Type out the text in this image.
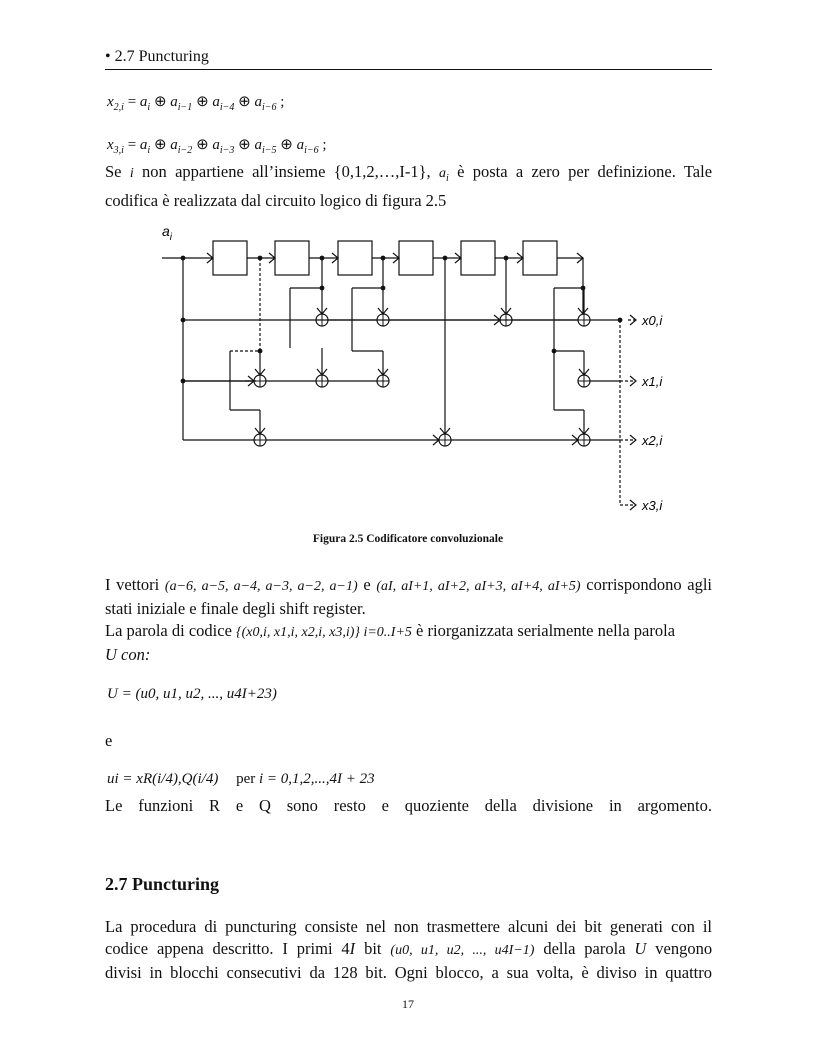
• 2.7 Puncturing
$x_{2,i} = a_i$ ⊕ $a_{i-1}$ ⊕ $a_{i-4}$ ⊕ $a_{i-6}$ ;
$x_{3,i} = a_i$ ⊕ $a_{i-2}$ ⊕ $a_{i-3}$ ⊕ $a_{i-5}$ ⊕ $a_{i-6}$ ;
Se i non appartiene all’insieme {0,1,2,…,I-1}, $a_i$ è posta a zero per definizione. Tale codifica è realizzata dal circuito logico di figura 2.5
$a_i$
x0,i
x1,i
x2,i
x3,i
Figura 2.5 Codificatore convoluzionale
I vettori (a−6, a−5, a−4, a−3, a−2, a−1) e (aI, aI+1, aI+2, aI+3, aI+4, aI+5) corrispondono agli stati iniziale e finale degli shift register.
La parola di codice {(x0,i, x1,i, x2,i, x3,i)} i=0..I+5 è riorganizzata serialmente nella parola
U con:
U = (u0, u1, u2, ..., u4I+23)
e
ui = xR(i/4),Q(i/4) per i = 0,1,2,...,4I + 23
Le funzioni R e Q sono resto e quoziente della divisione in argomento.
2.7 Puncturing
La procedura di puncturing consiste nel non trasmettere alcuni dei bit generati con il
codice appena descritto. I primi 4I bit (u0, u1, u2, ..., u4I−1) della parola U vengono
divisi in blocchi consecutivi da 128 bit. Ogni blocco, a sua volta, è diviso in quattro
17
